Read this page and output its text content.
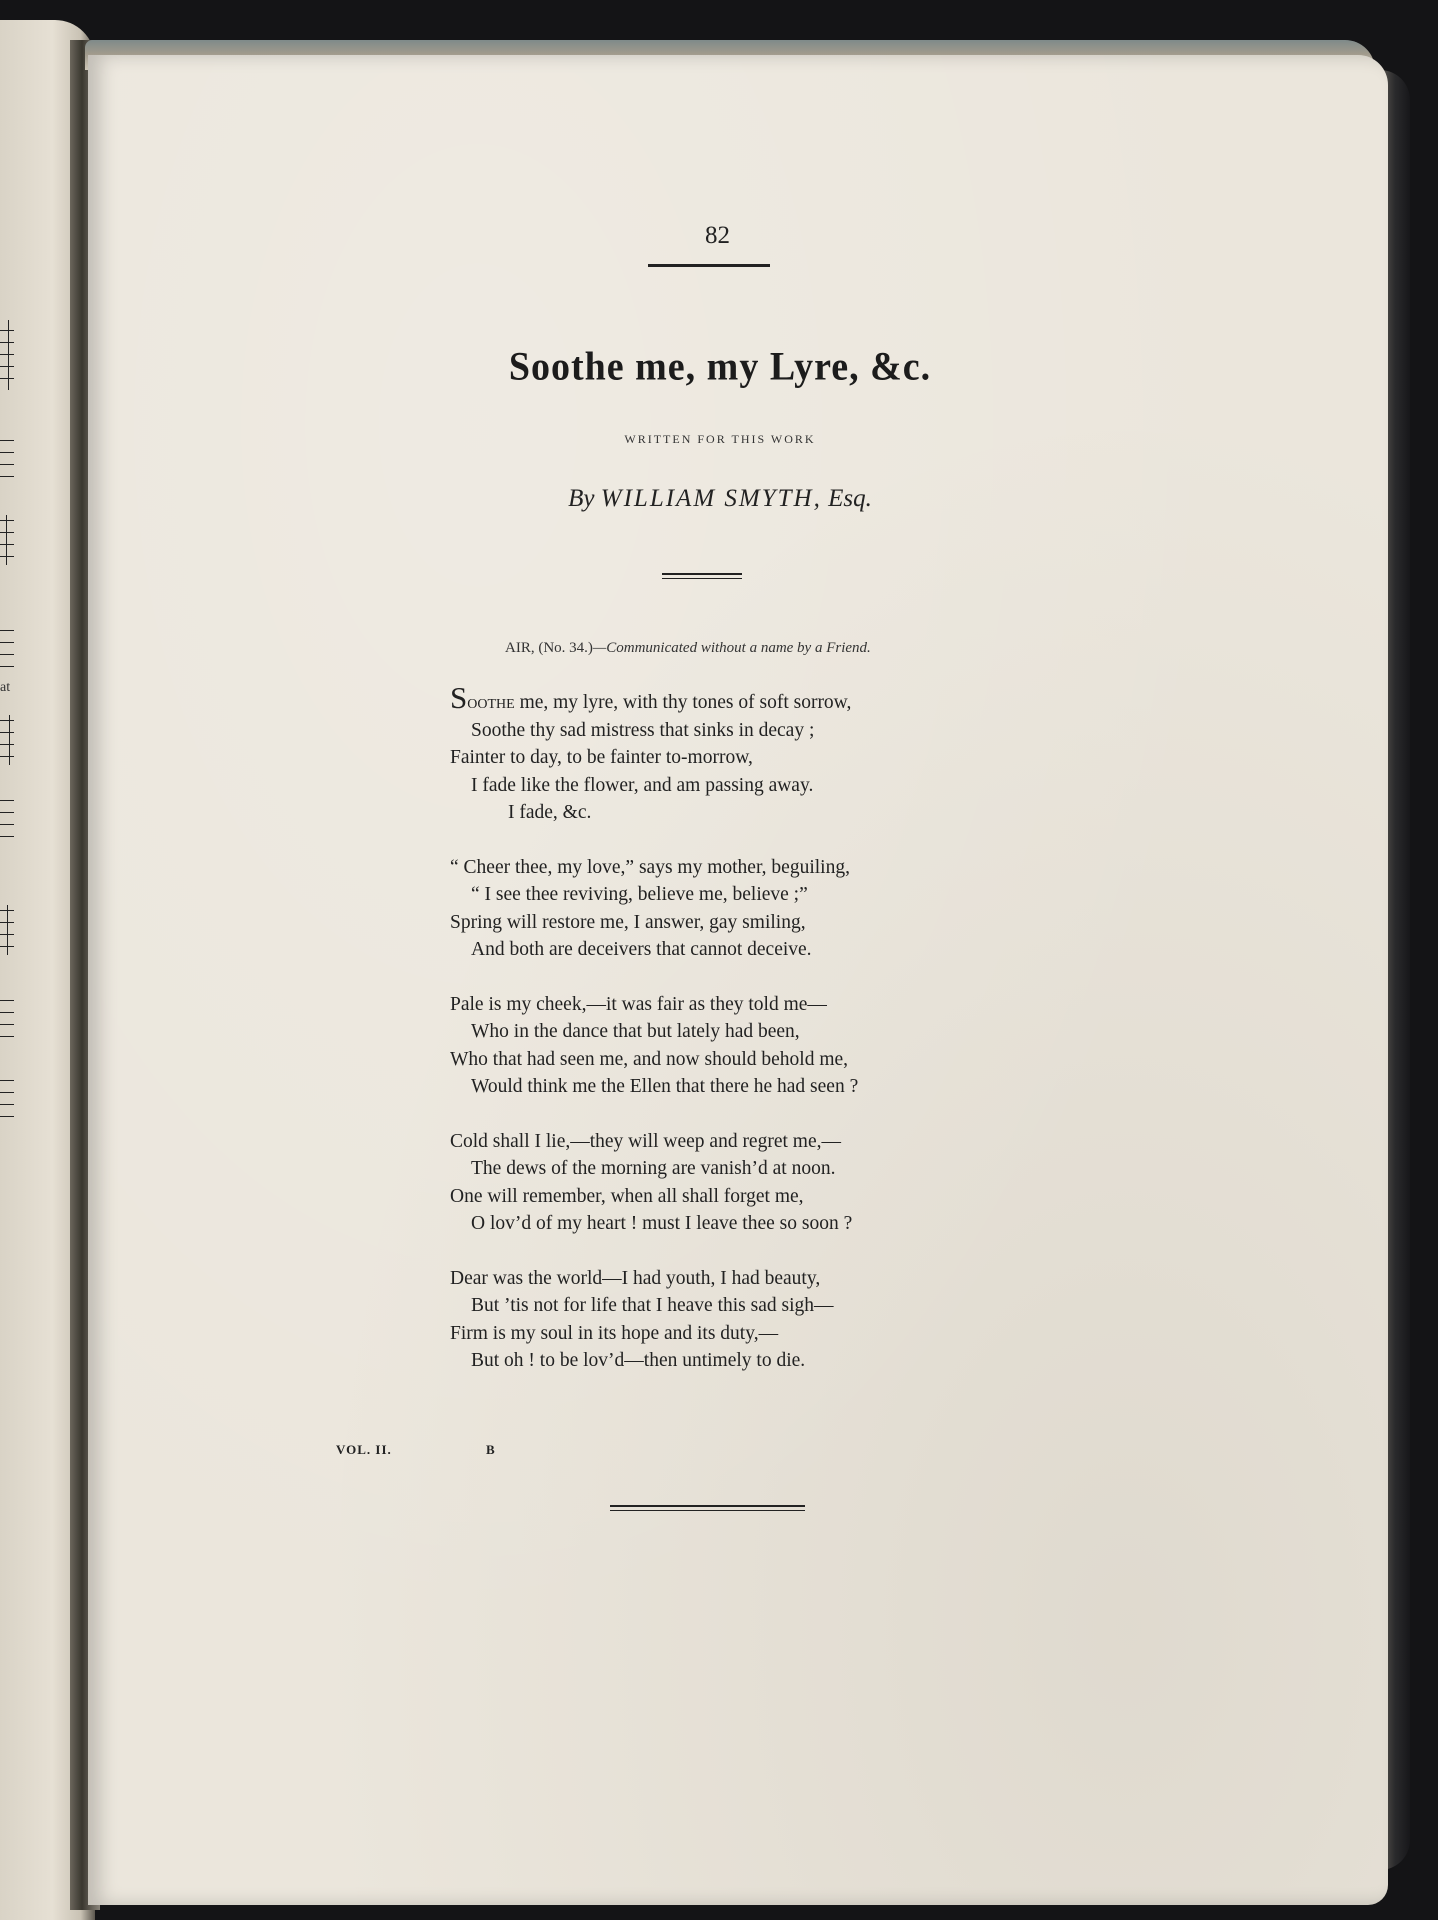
at
82
Soothe me, my Lyre, &c.
WRITTEN FOR THIS WORK
By WILLIAM SMYTH, Esq.
AIR, (No. 34.)—Communicated without a name by a Friend.
Soothe me, my lyre, with thy tones of soft sorrow,
Soothe thy sad mistress that sinks in decay ;
Fainter to day, to be fainter to-morrow,
I fade like the flower, and am passing away.
I fade, &c.
“ Cheer thee, my love,” says my mother, beguiling,
“ I see thee reviving, believe me, believe ;”
Spring will restore me, I answer, gay smiling,
And both are deceivers that cannot deceive.
Pale is my cheek,—it was fair as they told me—
Who in the dance that but lately had been,
Who that had seen me, and now should behold me,
Would think me the Ellen that there he had seen ?
Cold shall I lie,—they will weep and regret me,—
The dews of the morning are vanish’d at noon.
One will remember, when all shall forget me,
O lov’d of my heart ! must I leave thee so soon ?
Dear was the world—I had youth, I had beauty,
But ’tis not for life that I heave this sad sigh—
Firm is my soul in its hope and its duty,—
But oh ! to be lov’d—then untimely to die.
VOL. II.	B
